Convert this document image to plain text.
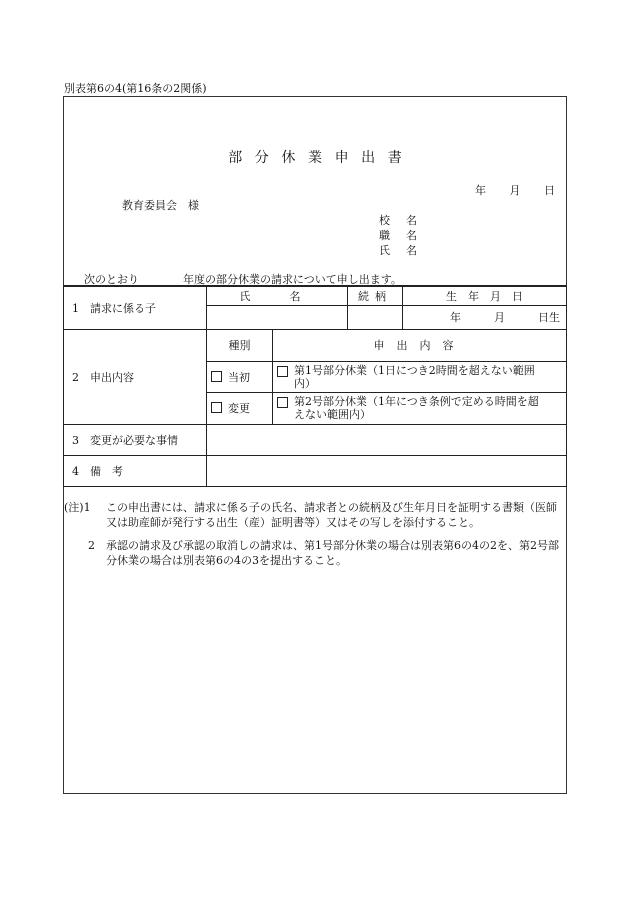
別表第6の4(第16条の2関係)
部分休業申出書
年 月 日
教育委員会　様
校名
職名
氏名
次のとおり	年度の部分休業の請求について申し出ます。
1　請求に係る子	氏　名		続柄	生　年　月　日
				年　　　月　　　日生
2　申出内容	種別	申出内容		
	当初	第1号部分休業（1日につき2時間を超えない範囲内）		
	変更	第2号部分休業（1年につき条例で定める時間を超えない範囲内）		
3　変更が必要な事情				
4　備　考				
(注)1 この申出書には、請求に係る子の氏名、請求者との続柄及び生年月日を証明する書類（医師又は助産師が発行する出生（産）証明書等）又はその写しを添付すること。
2 承認の請求及び承認の取消しの請求は、第1号部分休業の場合は別表第6の4の2を、第2号部分休業の場合は別表第6の4の3を提出すること。
